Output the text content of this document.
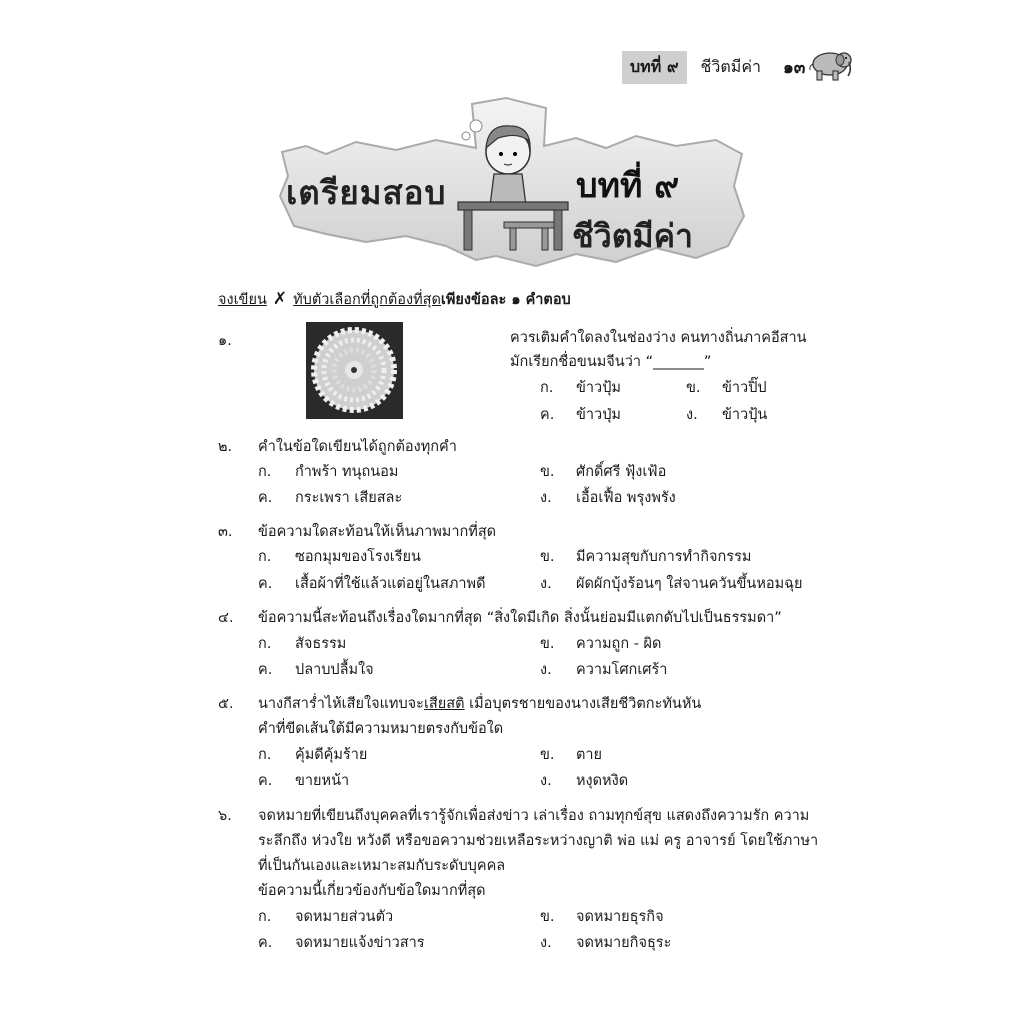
บทที่ ๙	ชีวิตมีค่า ๑๓
เตรียมสอบ	บทที่ ๙
ชีวิตมีค่า
จงเขียน ✗ ทับตัวเลือกที่ถูกต้องที่สุด เพียงข้อละ ๑ คำตอบ
๑.	ควรเติมคำใดลงในช่องว่าง คนทางถิ่นภาคอีสาน
มักเรียกชื่อขนมจีนว่า “_______”
ก. ข้าวปุ้ม	ข. ข้าวปิ๊ป
ค. ข้าวปุ่ม	ง. ข้าวปุ้น
๒. คำในข้อใดเขียนได้ถูกต้องทุกคำ
ก. กำพร้า ทนุถนอม	ข. ศักดิ์ศรี ฟุ้งเฟ้อ
ค. กระเพรา เสียสละ	ง. เอื้อเฟื้อ พรุงพรัง
๓. ข้อความใดสะท้อนให้เห็นภาพมากที่สุด
ก. ซอกมุมของโรงเรียน	ข. มีความสุขกับการทำกิจกรรม
ค. เสื้อผ้าที่ใช้แล้วแต่อยู่ในสภาพดี	ง. ผัดผักบุ้งร้อนๆ ใส่จานควันขึ้นหอมฉุย
๔. ข้อความนี้สะท้อนถึงเรื่องใดมากที่สุด “สิ่งใดมีเกิด สิ่งนั้นย่อมมีแตกดับไปเป็นธรรมดา”
ก. สัจธรรม	ข. ความถูก - ผิด
ค. ปลาบปลื้มใจ	ง. ความโศกเศร้า
๕. นางกีสาร่ำไห้เสียใจแทบจะเสียสติ เมื่อบุตรชายของนางเสียชีวิตกะทันหัน
คำที่ขีดเส้นใต้มีความหมายตรงกับข้อใด
ก. คุ้มดีคุ้มร้าย	ข. ตาย
ค. ขายหน้า	ง. หงุดหงิด
๖. จดหมายที่เขียนถึงบุคคลที่เรารู้จักเพื่อส่งข่าว เล่าเรื่อง ถามทุกข์สุข แสดงถึงความรัก ความ
ระลึกถึง ห่วงใย หวังดี หรือขอความช่วยเหลือระหว่างญาติ พ่อ แม่ ครู อาจารย์ โดยใช้ภาษา
ที่เป็นกันเองและเหมาะสมกับระดับบุคคล
ข้อความนี้เกี่ยวข้องกับข้อใดมากที่สุด
ก. จดหมายส่วนตัว	ข. จดหมายธุรกิจ
ค. จดหมายแจ้งข่าวสาร	ง. จดหมายกิจธุระ
